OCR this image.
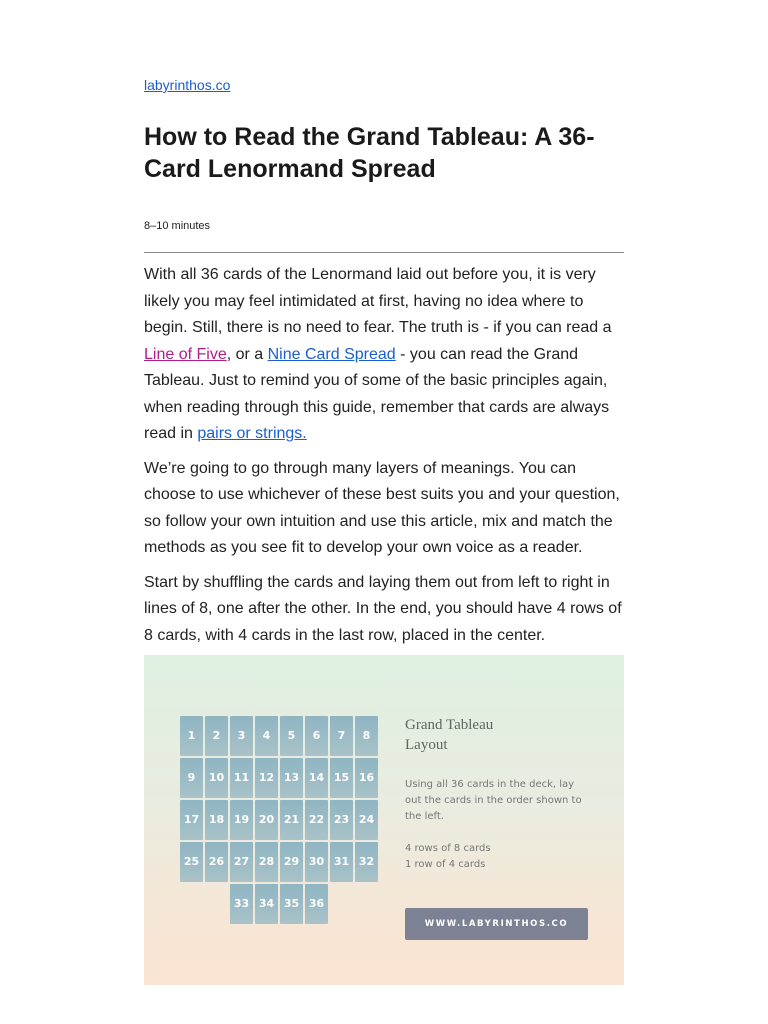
labyrinthos.co
How to Read the Grand Tableau: A 36-Card Lenormand Spread
8–10 minutes

With all 36 cards of the Lenormand laid out before you, it is very likely you may feel intimidated at first, having no idea where to begin. Still, there is no need to fear. The truth is - if you can read a Line of Five, or a Nine Card Spread - you can read the Grand Tableau. Just to remind you of some of the basic principles again, when reading through this guide, remember that cards are always read in pairs or strings.

We’re going to go through many layers of meanings. You can choose to use whichever of these best suits you and your question, so follow your own intuition and use this article, mix and match the methods as you see fit to develop your own voice as a reader.

Start by shuffling the cards and laying them out from left to right in lines of 8, one after the other. In the end, you should have 4 rows of 8 cards, with 4 cards in the last row, placed in the center.

1	2	3	4	5	6	7	8
9	10 11 12 13 14 15 16
17 18 19 20 21 22 23 24
25 26 27 28 29 30 31 32
33 34 35 36
Grand Tableau
Layout
Using all 36 cards in the deck, lay
out the cards in the order shown to
the left.
4 rows of 8 cards
1 row of 4 cards
WWW.LABYRINTHOS.CO
